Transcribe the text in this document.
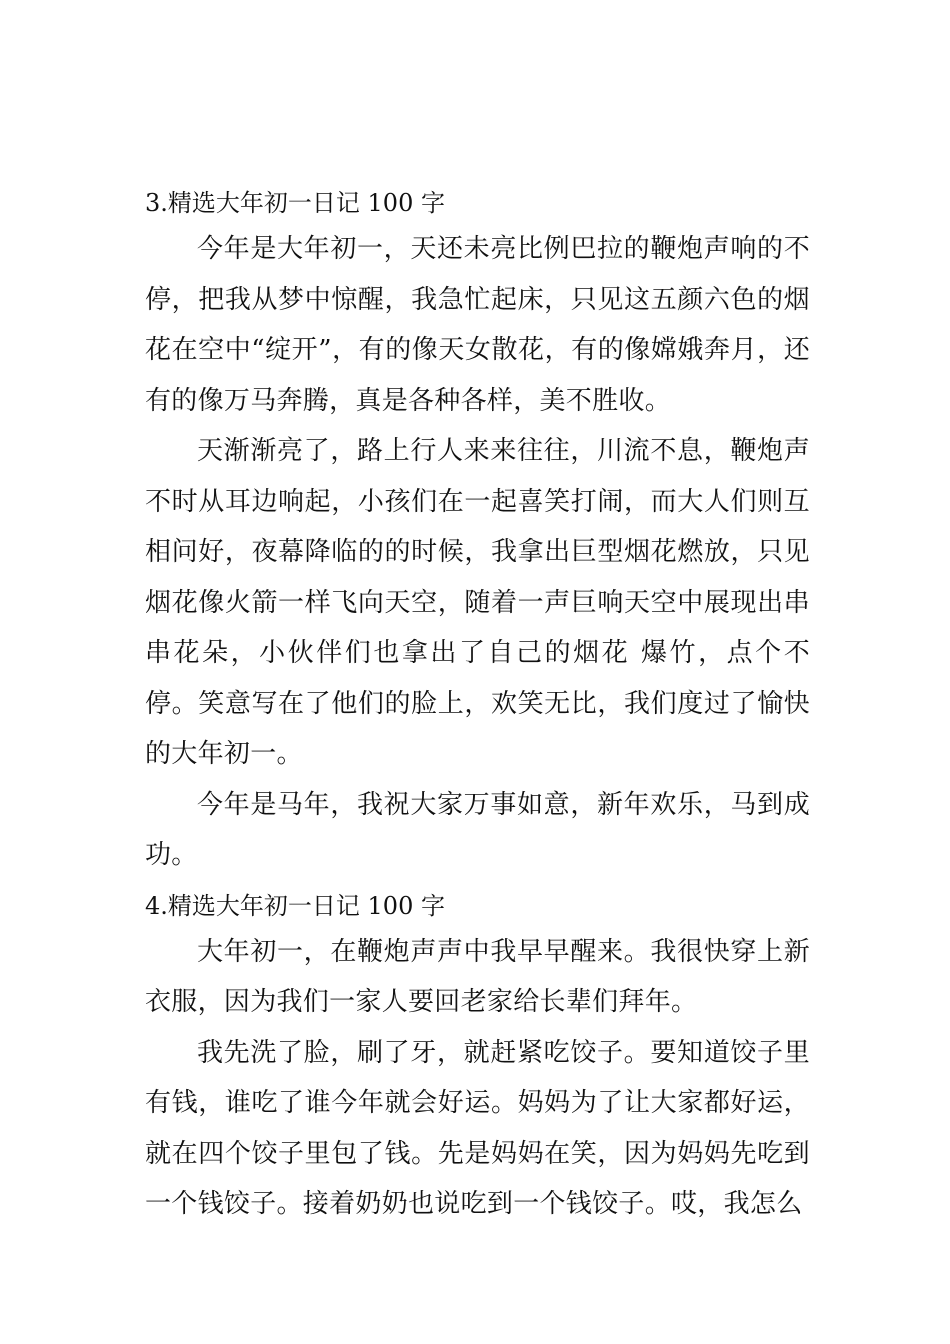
3.精选大年初一日记 100 字

今年是大年初一，天还未亮比例巴拉的鞭炮声响的不停，把我从梦中惊醒，我急忙起床，只见这五颜六色的烟花在空中“绽开”，有的像天女散花，有的像嫦娥奔月，还有的像万马奔腾，真是各种各样，美不胜收。

天渐渐亮了，路上行人来来往往，川流不息，鞭炮声不时从耳边响起，小孩们在一起喜笑打闹，而大人们则互相问好，夜幕降临的的时候，我拿出巨型烟花燃放，只见烟花像火箭一样飞向天空，随着一声巨响天空中展现出串串花朵，小伙伴们也拿出了自己的烟花 爆竹，点个不停。笑意写在了他们的脸上，欢笑无比，我们度过了愉快的大年初一。

今年是马年，我祝大家万事如意，新年欢乐，马到成功。

4.精选大年初一日记 100 字

大年初一，在鞭炮声声中我早早醒来。我很快穿上新衣服，因为我们一家人要回老家给长辈们拜年。

我先洗了脸，刷了牙，就赶紧吃饺子。要知道饺子里有钱，谁吃了谁今年就会好运。妈妈为了让大家都好运，就在四个饺子里包了钱。先是妈妈在笑，因为妈妈先吃到一个钱饺子。接着奶奶也说吃到一个钱饺子。哎，我怎么
